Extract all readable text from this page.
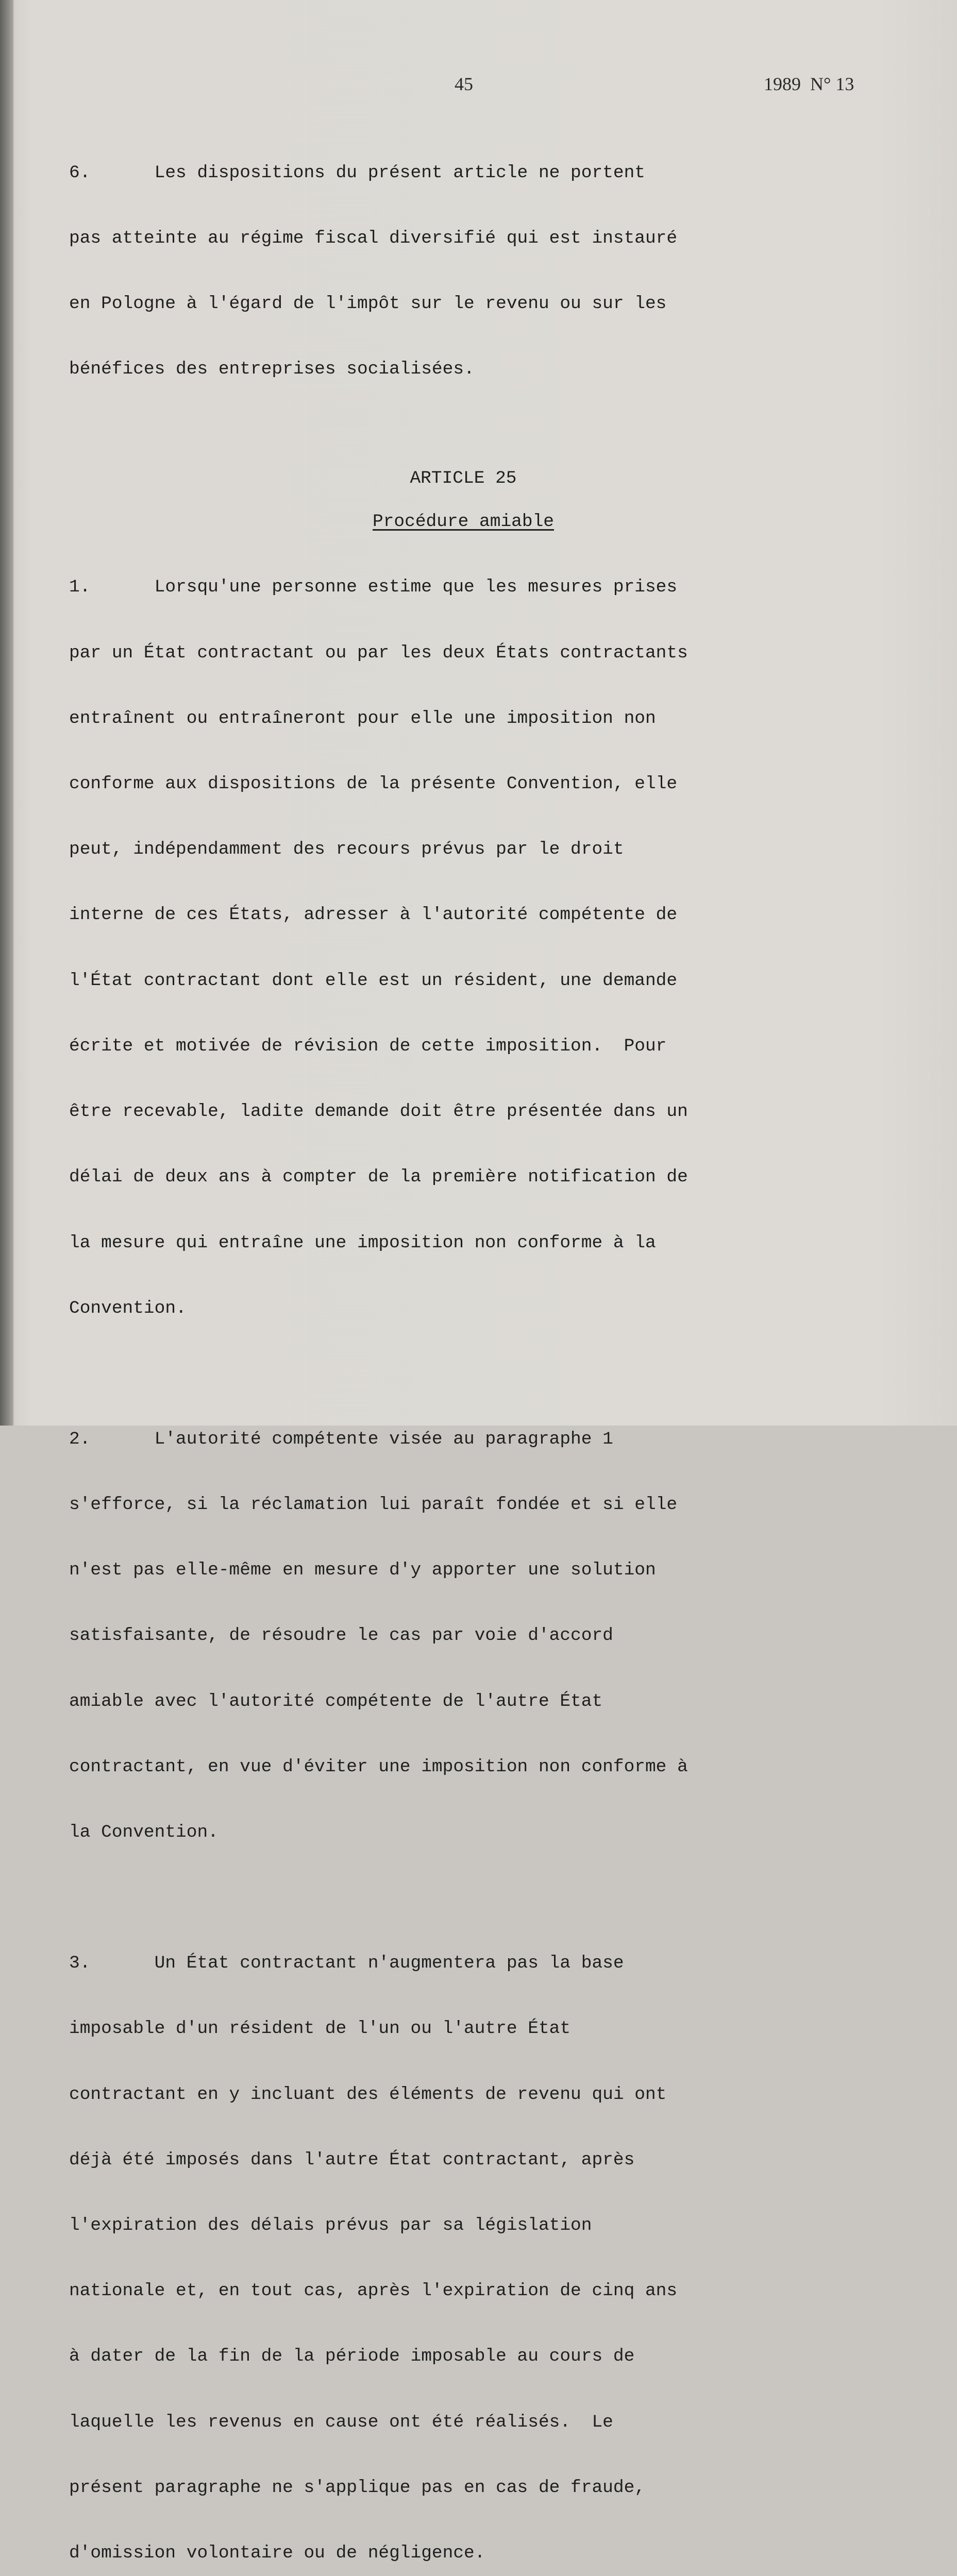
45	1989  N° 13

6.      Les dispositions du présent article ne portent

pas atteinte au régime fiscal diversifié qui est instauré

en Pologne à l'égard de l'impôt sur le revenu ou sur les

bénéfices des entreprises socialisées.

ARTICLE 25
Procédure amiable

1.      Lorsqu'une personne estime que les mesures prises

par un État contractant ou par les deux États contractants

entraînent ou entraîneront pour elle une imposition non

conforme aux dispositions de la présente Convention, elle

peut, indépendamment des recours prévus par le droit

interne de ces États, adresser à l'autorité compétente de

l'État contractant dont elle est un résident, une demande

écrite et motivée de révision de cette imposition.  Pour

être recevable, ladite demande doit être présentée dans un

délai de deux ans à compter de la première notification de

la mesure qui entraîne une imposition non conforme à la

Convention.

2.      L'autorité compétente visée au paragraphe 1

s'efforce, si la réclamation lui paraît fondée et si elle

n'est pas elle-même en mesure d'y apporter une solution

satisfaisante, de résoudre le cas par voie d'accord

amiable avec l'autorité compétente de l'autre État

contractant, en vue d'éviter une imposition non conforme à

la Convention.

3.      Un État contractant n'augmentera pas la base

imposable d'un résident de l'un ou l'autre État

contractant en y incluant des éléments de revenu qui ont

déjà été imposés dans l'autre État contractant, après

l'expiration des délais prévus par sa législation

nationale et, en tout cas, après l'expiration de cinq ans

à dater de la fin de la période imposable au cours de

laquelle les revenus en cause ont été réalisés.  Le

présent paragraphe ne s'applique pas en cas de fraude,

d'omission volontaire ou de négligence.
